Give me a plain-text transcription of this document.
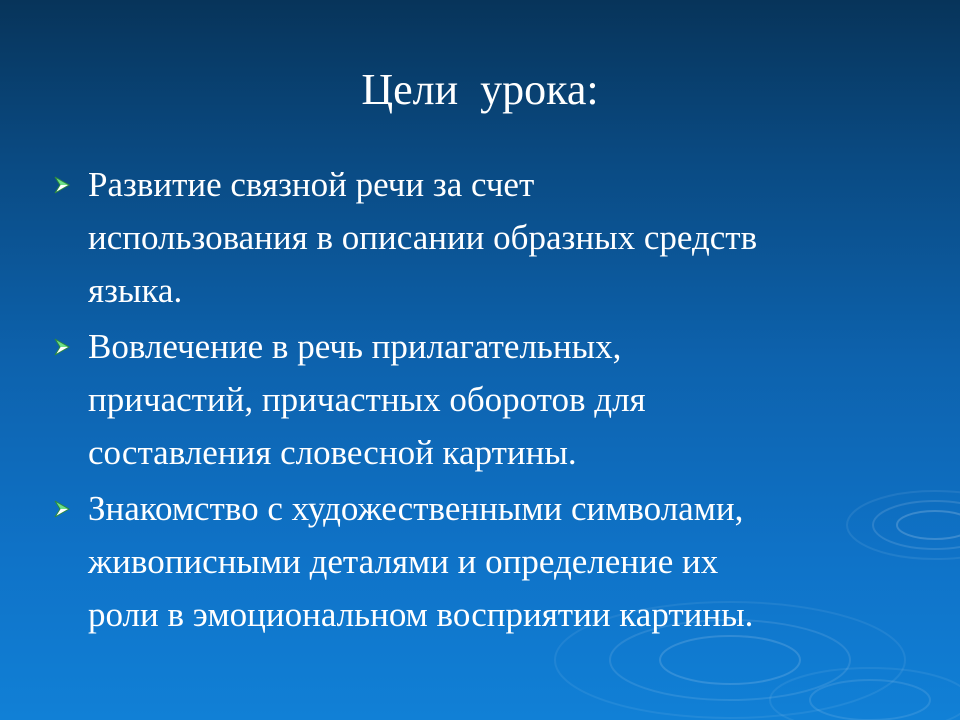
Цели  урока:
Развитие связной речи за счет
использования в описании образных средств
языка.
Вовлечение в речь прилагательных,
причастий, причастных оборотов для
составления словесной картины.
Знакомство с художественными символами,
живописными деталями и определение их
роли в эмоциональном восприятии картины.
